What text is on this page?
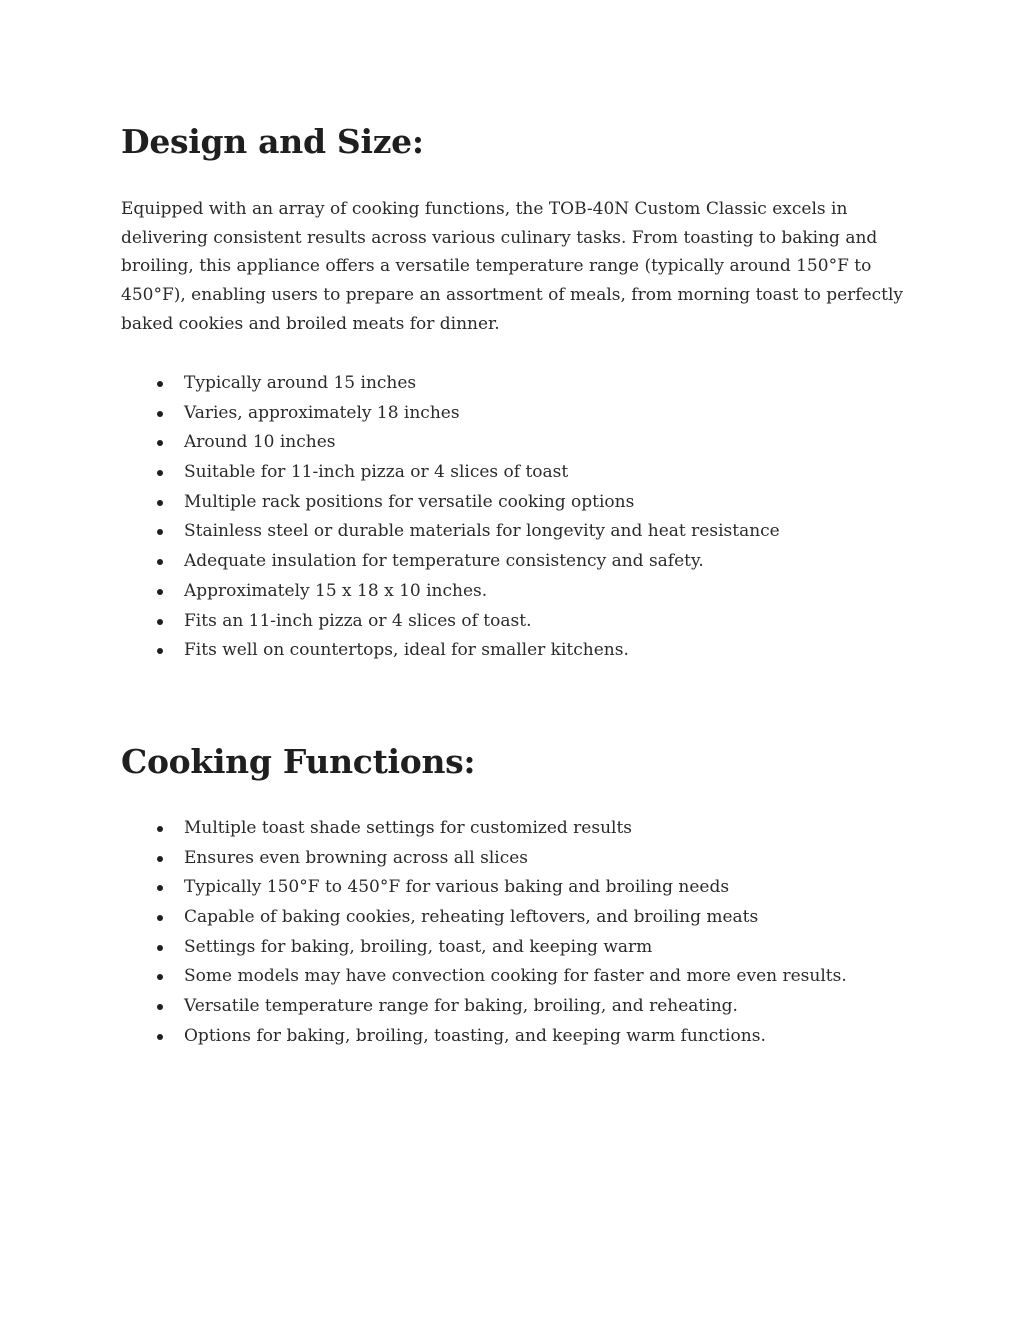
Design and Size:

Equipped with an array of cooking functions, the TOB-40N Custom Classic excels in delivering consistent results across various culinary tasks. From toasting to baking and broiling, this appliance offers a versatile temperature range (typically around 150°F to 450°F), enabling users to prepare an assortment of meals, from morning toast to perfectly baked cookies and broiled meats for dinner.

Typically around 15 inches
Varies, approximately 18 inches
Around 10 inches
Suitable for 11-inch pizza or 4 slices of toast
Multiple rack positions for versatile cooking options
Stainless steel or durable materials for longevity and heat resistance
Adequate insulation for temperature consistency and safety.
Approximately 15 x 18 x 10 inches.
Fits an 11-inch pizza or 4 slices of toast.
Fits well on countertops, ideal for smaller kitchens.
Cooking Functions:
Multiple toast shade settings for customized results
Ensures even browning across all slices
Typically 150°F to 450°F for various baking and broiling needs
Capable of baking cookies, reheating leftovers, and broiling meats
Settings for baking, broiling, toast, and keeping warm
Some models may have convection cooking for faster and more even results.
Versatile temperature range for baking, broiling, and reheating.
Options for baking, broiling, toasting, and keeping warm functions.
